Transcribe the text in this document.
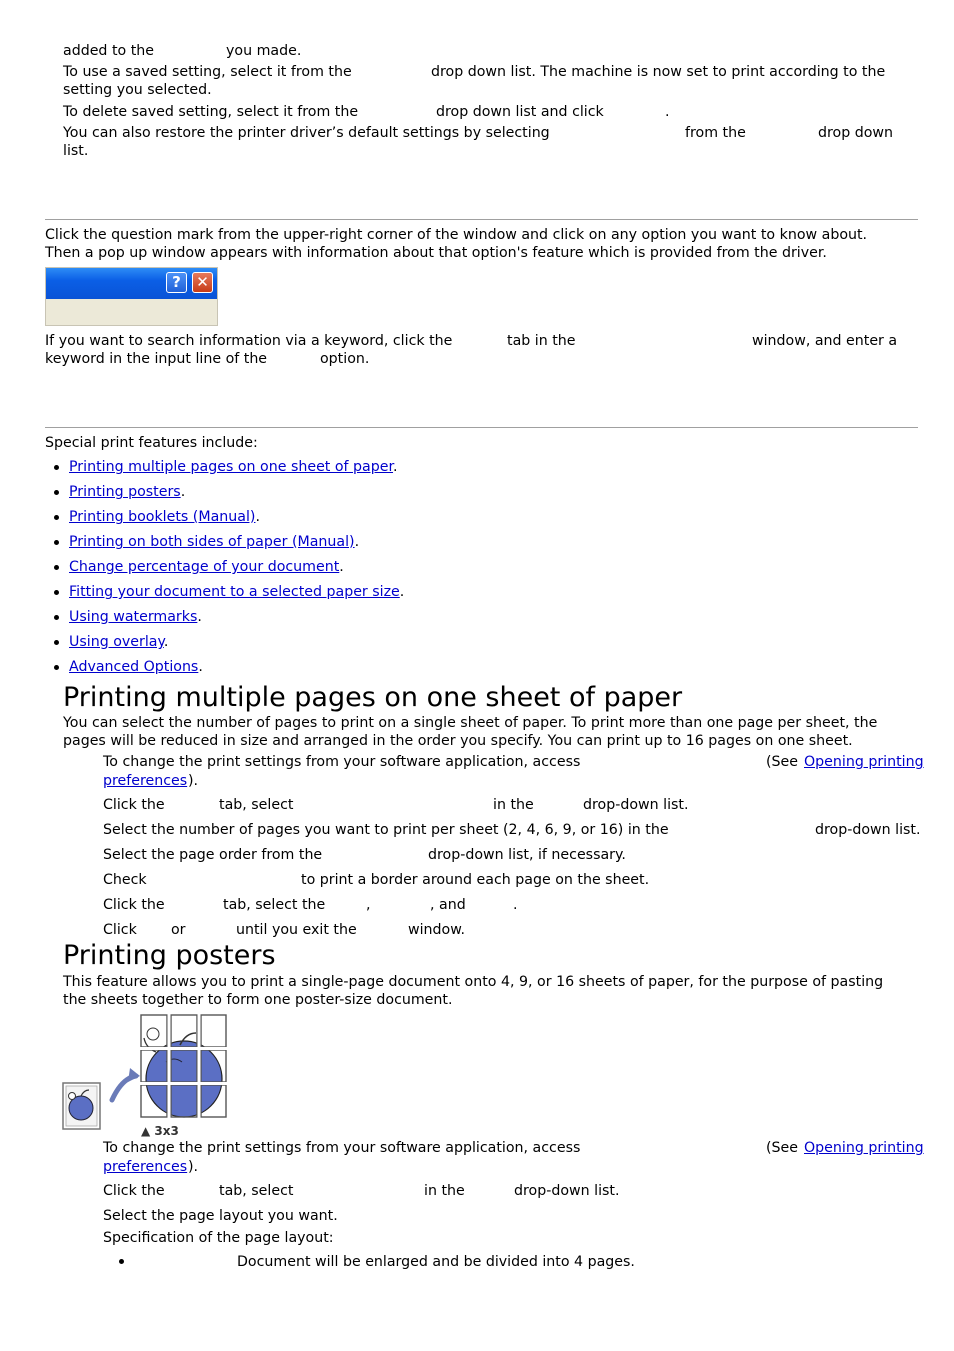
added to the	you made.
To use a saved setting, select it from the	drop down list. The machine is now set to print according to the
setting you selected.
To delete saved setting, select it from the	drop down list and click	.
You can also restore the printer driver’s default settings by selecting	from the	drop down
list.
Click the question mark from the upper-right corner of the window and click on any option you want to know about.
Then a pop up window appears with information about that option's feature which is provided from the driver.
?	✕
If you want to search information via a keyword, click the	tab in the	window, and enter a
keyword in the input line of the	option.
Special print features include:
Printing multiple pages on one sheet of paper.
Printing posters.
Printing booklets (Manual).
Printing on both sides of paper (Manual).
Change percentage of your document.
Fitting your document to a selected paper size.
Using watermarks.
Using overlay.
Advanced Options.
Printing multiple pages on one sheet of paper
You can select the number of pages to print on a single sheet of paper. To print more than one page per sheet, the
pages will be reduced in size and arranged in the order you specify. You can print up to 16 pages on one sheet.
To change the print settings from your software application, access	(See Opening printing
preferences ).
Click the	tab, select	in the	drop-down list.
Select the number of pages you want to print per sheet (2, 4, 6, 9, or 16) in the	drop-down list.
Select the page order from the	drop-down list, if necessary.
Check	to print a border around each page on the sheet.
Click the	tab, select the	,	, and	.
Click or	until you exit the	window.
Printing posters
This feature allows you to print a single-page document onto 4, 9, or 16 sheets of paper, for the purpose of pasting
the sheets together to form one poster-size document.
▲ 3x3
To change the print settings from your software application, access	(See Opening printing
preferences ).
Click the	tab, select	in the	drop-down list.
Select the page layout you want.
Specification of the page layout:
Document will be enlarged and be divided into 4 pages.
